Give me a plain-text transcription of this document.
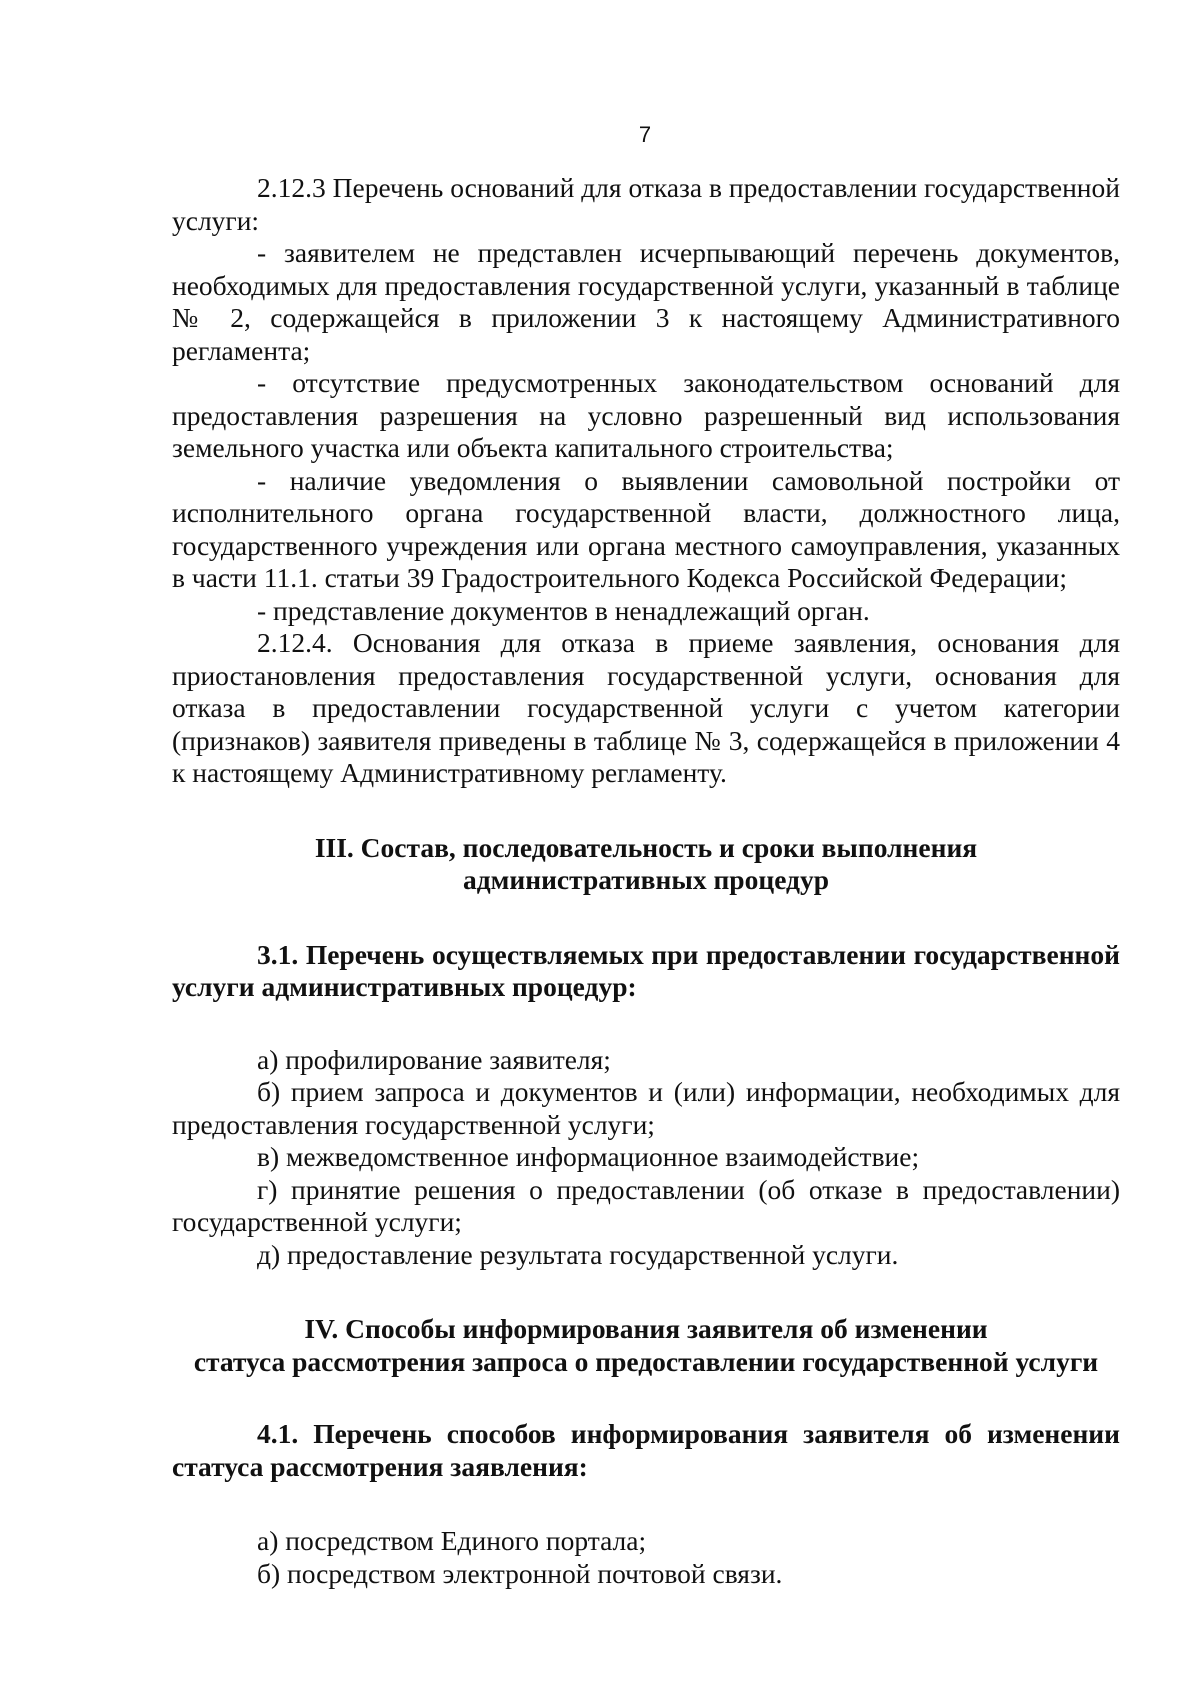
7

2.12.3 Перечень оснований для отказа в предоставлении государственной услуги:

- заявителем не представлен исчерпывающий перечень документов, необходимых для предоставления государственной услуги, указанный в таблице № 2, содержащейся в приложении 3 к настоящему Административного регламента;

- отсутствие предусмотренных законодательством оснований для предоставления разрешения на условно разрешенный вид использования земельного участка или объекта капитального строительства;

- наличие уведомления о выявлении самовольной постройки от исполнительного органа государственной власти, должностного лица, государственного учреждения или органа местного самоуправления, указанных в части 11.1. статьи 39 Градостроительного Кодекса Российской Федерации;

- представление документов в ненадлежащий орган.

2.12.4. Основания для отказа в приеме заявления, основания для приостановления предоставления государственной услуги, основания для отказа в предоставлении государственной услуги с учетом категории (признаков) заявителя приведены в таблице № 3, содержащейся в приложении 4 к настоящему Административному регламенту.

III. Состав, последовательность и сроки выполнения

административных процедур

3.1. Перечень осуществляемых при предоставлении государственной услуги административных процедур:

а) профилирование заявителя;

б) прием запроса и документов и (или) информации, необходимых для предоставления государственной услуги;

в) межведомственное информационное взаимодействие;

г) принятие решения о предоставлении (об отказе в предоставлении) государственной услуги;

д) предоставление результата государственной услуги.

IV. Способы информирования заявителя об изменении

статуса рассмотрения запроса о предоставлении государственной услуги

4.1. Перечень способов информирования заявителя об изменении статуса рассмотрения заявления:

а) посредством Единого портала;

б) посредством электронной почтовой связи.
